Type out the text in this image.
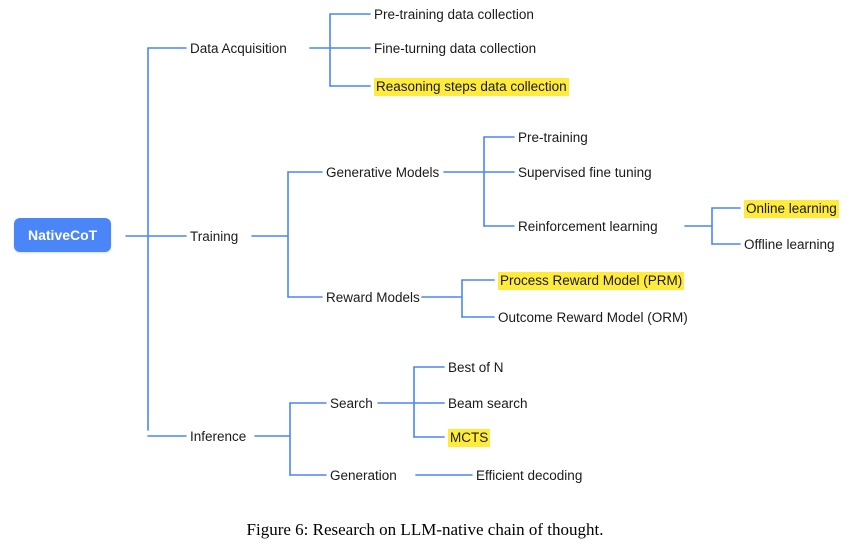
NativeCoT
Data Acquisition
Training
Inference
Pre-training data collection
Fine-turning data collection
Reasoning steps data collection
Generative Models
Reward Models
Pre-training
Supervised fine tuning
Reinforcement learning
Online learning
Offline learning
Process Reward Model (PRM)
Outcome Reward Model (ORM)
Search
Generation
Best of N
Beam search
MCTS
Efficient decoding
Figure 6: Research on LLM-native chain of thought.
